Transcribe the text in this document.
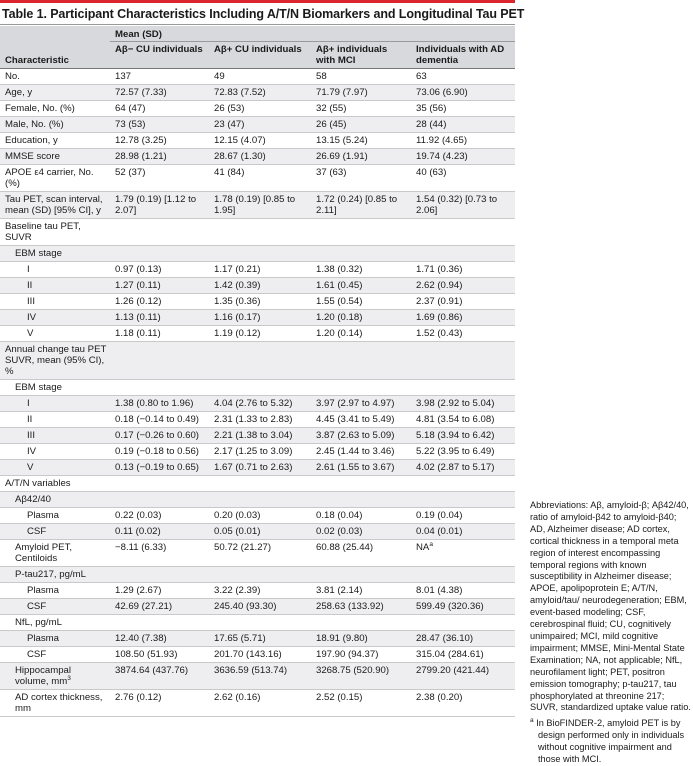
Table 1. Participant Characteristics Including A/T/N Biomarkers and Longitudinal Tau PET
	Mean (SD)			
Characteristic	Aβ− CU individuals	Aβ+ CU individuals	Aβ+ individuals with MCI	Individuals with AD dementia
No.	137	49	58	63
Age, y	72.57 (7.33)	72.83 (7.52)	71.79 (7.97)	73.06 (6.90)
Female, No. (%)	64 (47)	26 (53)	32 (55)	35 (56)
Male, No. (%)	73 (53)	23 (47)	26 (45)	28 (44)
Education, y	12.78 (3.25)	12.15 (4.07)	13.15 (5.24)	11.92 (4.65)
MMSE score	28.98 (1.21)	28.67 (1.30)	26.69 (1.91)	19.74 (4.23)
APOE ε4 carrier, No. (%)	52 (37)	41 (84)	37 (63)	40 (63)
Tau PET, scan interval, mean (SD) [95% CI], y	1.79 (0.19) [1.12 to 2.07]	1.78 (0.19) [0.85 to 1.95]	1.72 (0.24) [0.85 to 2.11]	1.54 (0.32) [0.73 to 2.06]
Baseline tau PET, SUVR				
EBM stage				
I	0.97 (0.13)	1.17 (0.21)	1.38 (0.32)	1.71 (0.36)
II	1.27 (0.11)	1.42 (0.39)	1.61 (0.45)	2.62 (0.94)
III	1.26 (0.12)	1.35 (0.36)	1.55 (0.54)	2.37 (0.91)
IV	1.13 (0.11)	1.16 (0.17)	1.20 (0.18)	1.69 (0.86)
V	1.18 (0.11)	1.19 (0.12)	1.20 (0.14)	1.52 (0.43)
Annual change tau PET SUVR, mean (95% CI), %				
EBM stage				
I	1.38 (0.80 to 1.96)	4.04 (2.76 to 5.32)	3.97 (2.97 to 4.97)	3.98 (2.92 to 5.04)
II	0.18 (−0.14 to 0.49)	2.31 (1.33 to 2.83)	4.45 (3.41 to 5.49)	4.81 (3.54 to 6.08)
III	0.17 (−0.26 to 0.60)	2.21 (1.38 to 3.04)	3.87 (2.63 to 5.09)	5.18 (3.94 to 6.42)
IV	0.19 (−0.18 to 0.56)	2.17 (1.25 to 3.09)	2.45 (1.44 to 3.46)	5.22 (3.95 to 6.49)
V	0.13 (−0.19 to 0.65)	1.67 (0.71 to 2.63)	2.61 (1.55 to 3.67)	4.02 (2.87 to 5.17)
A/T/N variables				
Aβ42/40				
Plasma	0.22 (0.03)	0.20 (0.03)	0.18 (0.04)	0.19 (0.04)
CSF	0.11 (0.02)	0.05 (0.01)	0.02 (0.03)	0.04 (0.01)
Amyloid PET, Centiloids	−8.11 (6.33)	50.72 (21.27)	60.88 (25.44)	$NA^a$
P-tau217, pg/mL				
Plasma	1.29 (2.67)	3.22 (2.39)	3.81 (2.14)	8.01 (4.38)
CSF	42.69 (27.21)	245.40 (93.30)	258.63 (133.92)	599.49 (320.36)
NfL, pg/mL				
Plasma	12.40 (7.38)	17.65 (5.71)	18.91 (9.80)	28.47 (36.10)
CSF	108.50 (51.93)	201.70 (143.16)	197.90 (94.37)	315.04 (284.61)
Hippocampal volume, $mm^3$	3874.64 (437.76)	3636.59 (513.74)	3268.75 (520.90)	2799.20 (421.44)
AD cortex thickness, mm	2.76 (0.12)	2.62 (0.16)	2.52 (0.15)	2.38 (0.20)

Abbreviations: Aβ, amyloid-β; Aβ42/40, ratio of amyloid-β42 to amyloid-β40; AD, Alzheimer disease; AD cortex, cortical thickness in a temporal meta region of interest encompassing temporal regions with known susceptibility in Alzheimer disease; APOE, apolipoprotein E; A/T/N, amyloid/tau/ neurodegeneration; EBM, event-based modeling; CSF, cerebrospinal fluid; CU, cognitively unimpaired; MCI, mild cognitive impairment; MMSE, Mini-Mental State Examination; NA, not applicable; NfL, neurofilament light; PET, positron emission tomography; p-tau217, tau phosphorylated at threonine 217; SUVR, standardized uptake value ratio.

$^a$ In BioFINDER-2, amyloid PET is by design performed only in individuals without cognitive impairment and those with MCI.
